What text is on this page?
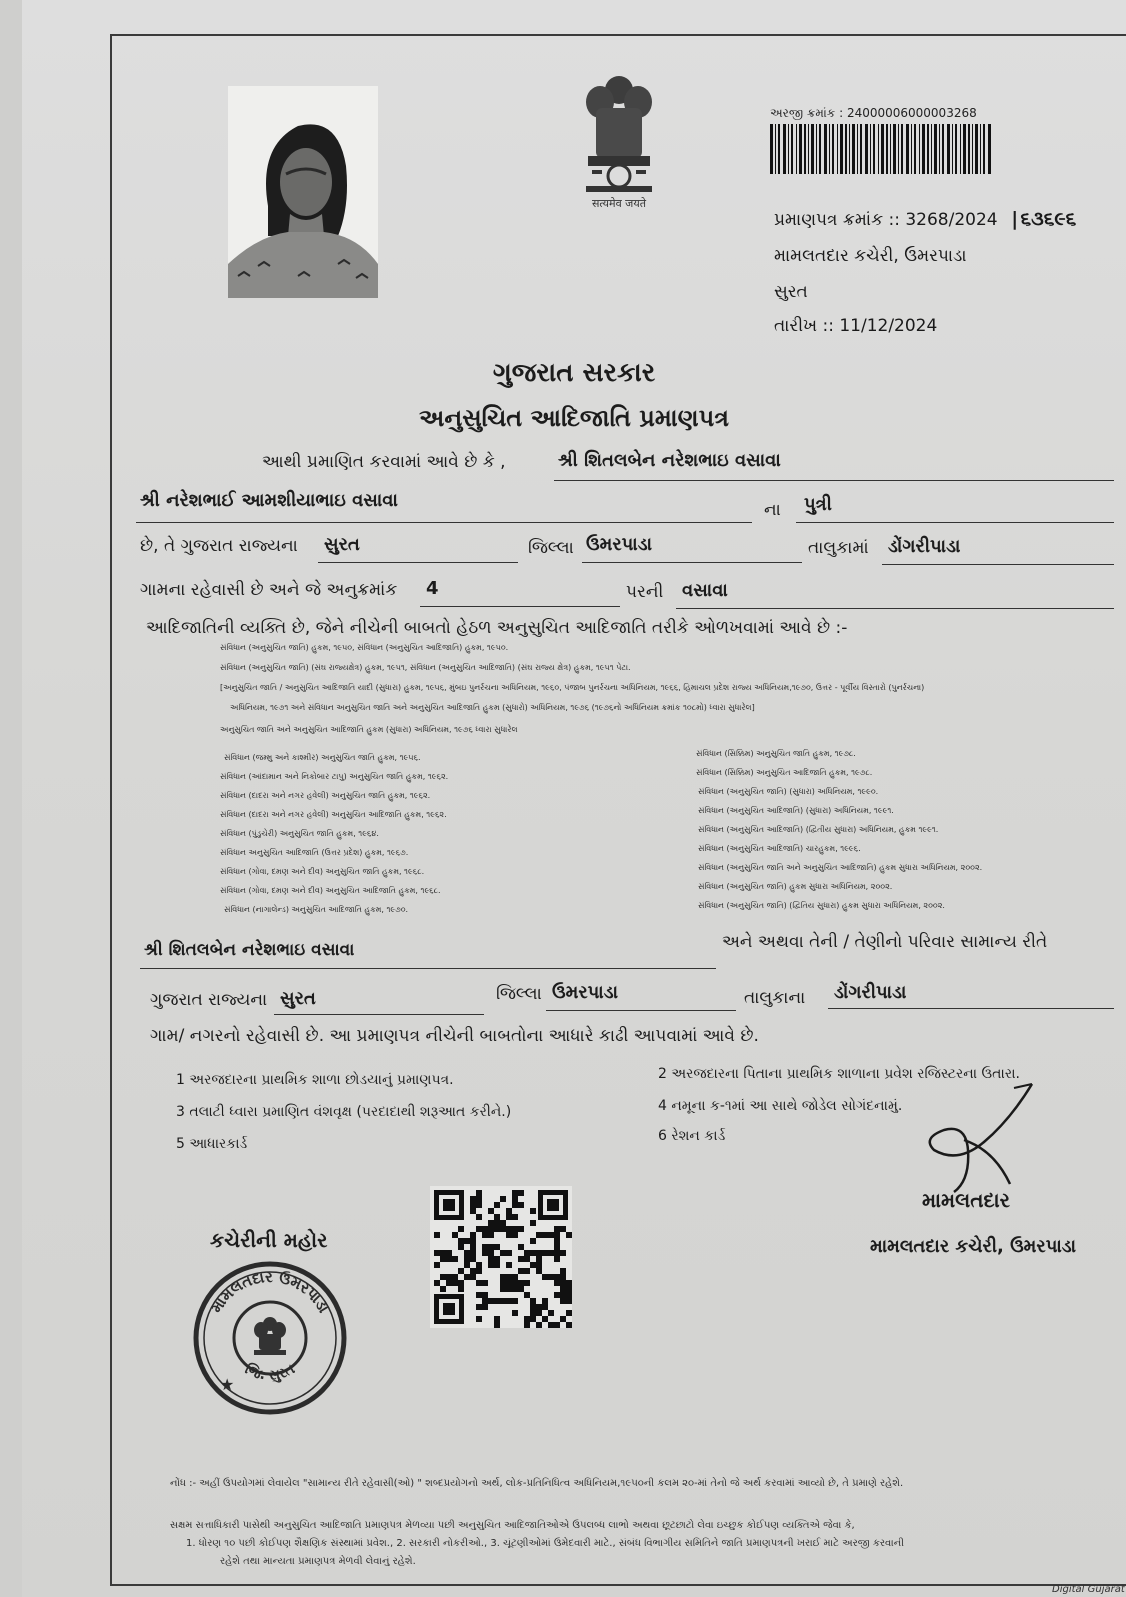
सत्यमेव जयते
અરજી ક્રમાંક : 24000006000003268
પ્રમાણપત્ર ક્રમાંક :: 3268/2024 |૬૩૬૯૬
મામલતદાર કચેરી, ઉમરપાડા
સુરત
તારીખ :: 11/12/2024
ગુજરાત સરકાર
અનુસુચિત આદિજાતિ પ્રમાણપત્ર
આથી પ્રમાણિત કરવામાં આવે છે કે ,	શ્રી શિતલબેન નરેશભાઇ વસાવા
શ્રી નરેશભાઈ આમશીયાભાઇ વસાવા	ના પુત્રી
છે, તે ગુજરાત રાજ્યના સુરત	જિલ્લા ઉમરપાડા	તાલુકામાં ડોંગરીપાડા
ગામના રહેવાસી છે અને જે અનુક્રમાંક 4	પરની વસાવા
આદિજાતિની વ્યક્તિ છે, જેને નીચેની બાબતો હેઠળ અનુસુચિત આદિજાતિ તરીકે ઓળખવામાં આવે છે :-
સંવિધાન (અનુસુચિત જાતિ) હુકમ, ૧૯૫૦, સંવિધાન (અનુસુચિત આદિજાતિ) હુકમ, ૧૯૫૦.
સંવિધાન (અનુસુચિત જાતિ) (સંઘ રાજ્યક્ષેત્ર) હુકમ, ૧૯૫૧, સંવિધાન (અનુસુચિત આદિજાતિ) (સંઘ રાજ્ય ક્ષેત્ર) હુકમ, ૧૯૫૧ પેટા.
[અનુસુચિત જાતિ / અનુસુચિત આદિજાતિ યાદી (સુધારા) હુકમ, ૧૯૫૬, મુંબઇ પુનર્રચના અધિનિયમ, ૧૯૬૦, પંજાબ પુનર્રચના અધિનિયમ, ૧૯૬૬, હિમાચલ પ્રદેશ રાજ્ય અધિનિયમ,૧૯૭૦, ઉત્તર - પૂર્વીય વિસ્તારો (પુનર્રચના)
અધિનિયમ, ૧૯૭૧ અને સંવિધાન અનુસુચિત જાતિ અને અનુસુચિત આદિજાતિ હુકમ (સુધારો) અધિનિયમ, ૧૯૭૬ (૧૯૭૬નો અધિનિયમ ક્રમાંક ૧૦૮મો) ધ્વારા સુધારેલ]
અનુસુચિત જાતિ અને અનુસુચિત આદિજાતિ હુકમ (સુધારા) અધિનિયમ, ૧૯૭૬ ધ્વારા સુધારેલ
સંવિધાન (જમ્મુ અને કાશ્મીર) અનુસુચિત જાતિ હુકમ, ૧૯૫૬.
સંવિધાન (આંદામાન અને નિકોબાર ટાપુ) અનુસુચિત જાતિ હુકમ, ૧૯૬૨.
સંવિધાન (દાદરા અને નગર હવેલી) અનુસુચિત જાતિ હુકમ, ૧૯૬૨.
સંવિધાન (દાદરા અને નગર હવેલી) અનુસુચિત આદિજાતિ હુકમ, ૧૯૬૨.
સંવિધાન (પુંડુચેરી) અનુસુચિત જાતિ હુકમ, ૧૯૬૪.
સંવિધાન અનુસુચિત આદિજાતિ (ઉત્તર પ્રદેશ) હુકમ, ૧૯૬૭.
સંવિધાન (ગોવા, દમણ અને દીવ) અનુસુચિત જાતિ હુકમ, ૧૯૬૮.
સંવિધાન (ગોવા, દમણ અને દીવ) અનુસુચિત આદિજાતિ હુકમ, ૧૯૬૮.
સંવિધાન (નાગાલેન્ડ) અનુસુચિત આદિજાતિ હુકમ, ૧૯૭૦.
સંવિધાન (સિક્કિમ) અનુસુચિત જાતિ હુકમ, ૧૯૭૮.
સંવિધાન (સિક્કિમ) અનુસુચિત આદિજાતિ હુકમ, ૧૯૭૮.
સંવિધાન (અનુસુચિત જાતિ) (સુધારા) અધિનિયમ, ૧૯૯૦.
સંવિધાન (અનુસુચિત આદિજાતિ) (સુધારા) અધિનિયમ, ૧૯૯૧.
સંવિધાન (અનુસુચિત આદિજાતિ) (દ્વિતીય સુધારા) અધિનિયમ, હુકમ ૧૯૯૧.
સંવિધાન (અનુસુચિત આદિજાતિ) ચારહુકમ, ૧૯૯૬.
સંવિધાન (અનુસુચિત જાતિ અને અનુસુચિત આદિજાતિ) હુકમ સુધારા અધિનિયમ, ૨૦૦૨.
સંવિધાન (અનુસુચિત જાતિ) હુકમ સુધારા અધિનિયમ, ૨૦૦૨.
સંવિધાન (અનુસુચિત જાતિ) (દ્વિતિય સુધારા) હુકમ સુધારા અધિનિયમ, ૨૦૦૨.
શ્રી શિતલબેન નરેશભાઇ વસાવા	અને અથવા તેની / તેણીનો પરિવાર સામાન્ય રીતે
ગુજરાત રાજ્યના સુરત	જિલ્લા ઉમરપાડા	તાલુકાના ડોંગરીપાડા
ગામ/ નગરનો રહેવાસી છે. આ પ્રમાણપત્ર નીચેની બાબતોના આધારે કાઢી આપવામાં આવે છે.
1 અરજદારના પ્રાથમિક શાળા છોડયાનું પ્રમાણપત્ર.	2 અરજદારના પિતાના પ્રાથમિક શાળાના પ્રવેશ રજિસ્ટરના ઉતારા.
3 તલાટી ધ્વારા પ્રમાણિત વંશવૃક્ષ (પરદાદાથી શરૂઆત કરીને.)	4 નમૂના ક-૧માં આ સાથે જોડેલ સોગંદનામું.
5 આધારકાર્ડ	6 રેશન કાર્ડ
કચેરીની મહોર
મામલતદાર ઉમરપાડા
જિ. સુરત
★
મામલતદાર
મામલતદાર કચેરી, ઉમરપાડા
નોંધ :- અહીં ઉપયોગમાં લેવાયેલ "સામાન્ય રીતે રહેવાસી(ઓ) " શબ્દપ્રયોગનો અર્થ, લોક-પ્રતિનિધિત્વ અધિનિયમ,૧૯૫૦ની કલમ ૨૦-માં તેનો જે અર્થ કરવામાં આવ્યો છે, તે પ્રમાણે રહેશે.
સક્ષમ સત્તાધિકારી પાસેથી અનુસુચિત આદિજાતિ પ્રમાણપત્ર મેળવ્યા પછી અનુસુચિત આદિજાતિઓએ ઉપલબ્ધ લાભો અથવા છૂટછાટો લેવા ઇચ્છુક કોઈપણ વ્યક્તિએ જેવા કે,
1. ધોરણ ૧૦ પછી કોઈપણ શૈક્ષણિક સંસ્થામાં પ્રવેશ., 2. સરકારી નોકરીઓ., 3. ચૂંટણીઓમાં ઉમેદવારી માટે., સંબંધ વિભાગીય સમિતિને જાતિ પ્રમાણપત્રની ખરાઈ માટે અરજી કરવાની
રહેશે તથા માન્યતા પ્રમાણપત્ર મેળવી લેવાનું રહેશે.
Digital Gujarat
